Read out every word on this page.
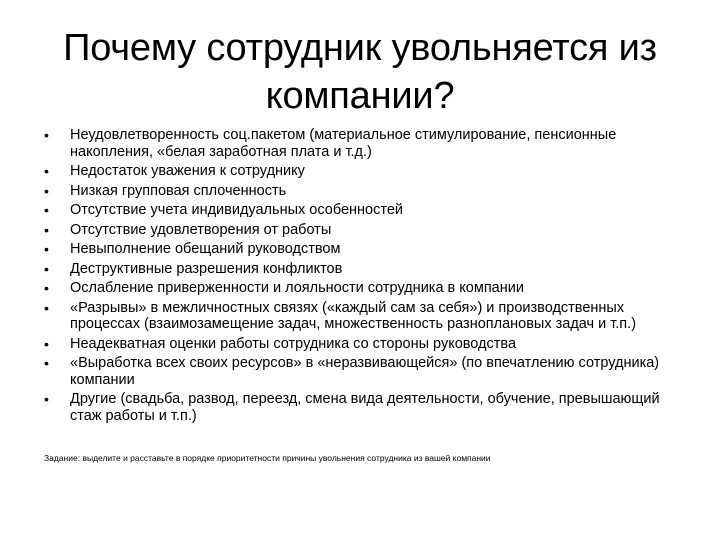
Почему сотрудник увольняется из компании?
• Неудовлетворенность соц.пакетом (материальное стимулирование, пенсионные накопления, «белая заработная плата и т.д.)
• Недостаток уважения к сотруднику
• Низкая групповая сплоченность
• Отсутствие учета индивидуальных особенностей
• Отсутствие удовлетворения от работы
• Невыполнение обещаний руководством
• Деструктивные разрешения конфликтов
• Ослабление приверженности и лояльности сотрудника в компании
• «Разрывы» в межличностных связях («каждый сам за себя») и производственных процессах (взаимозамещение задач, множественность разноплановых задач и т.п.)
• Неадекватная оценки работы сотрудника со стороны руководства
• «Выработка всех своих ресурсов» в «неразвивающейся» (по впечатлению сотрудника) компании
• Другие (свадьба, развод, переезд, смена вида деятельности, обучение, превышающий стаж работы и т.п.)

Задание: выделите и расставьте в порядке приоритетности причины увольнения сотрудника из вашей компании
